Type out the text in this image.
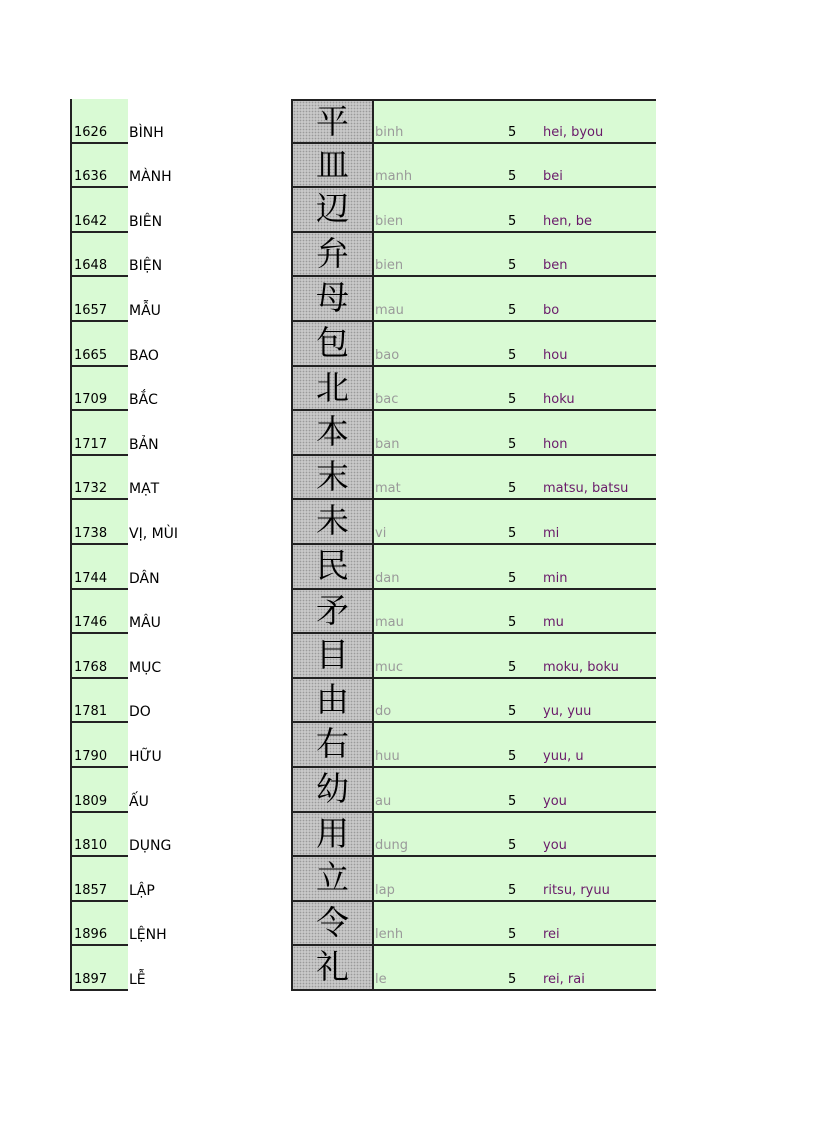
1626 BÌNH	平	binh	5 hei, byou
1636 MÀNH	皿	manh	5 bei
1642 BIÊN	辺	bien	5 hen, be
1648 BIỆN	弁	bien	5 ben
1657 MẪU	母	mau	5 bo
1665 BAO	包	bao	5 hou
1709 BẮC	北	bac	5 hoku
1717 BẢN	本	ban	5 hon
1732 MẠT	末	mat	5 matsu, batsu
1738 VỊ, MÙI	未	vi	5 mi
1744 DÂN	民	dan	5 min
1746 MÂU	矛	mau	5 mu
1768 MỤC	目	muc	5 moku, boku
1781 DO	由	do	5 yu, yuu
1790 HỮU	右	huu	5 yuu, u
1809 ẤU	幼	au	5 you
1810 DỤNG	用	dung	5 you
1857 LẬP	立	lap	5 ritsu, ryuu
1896 LỆNH	令	lenh	5 rei
1897 LỄ	礼	le	5 rei, rai
